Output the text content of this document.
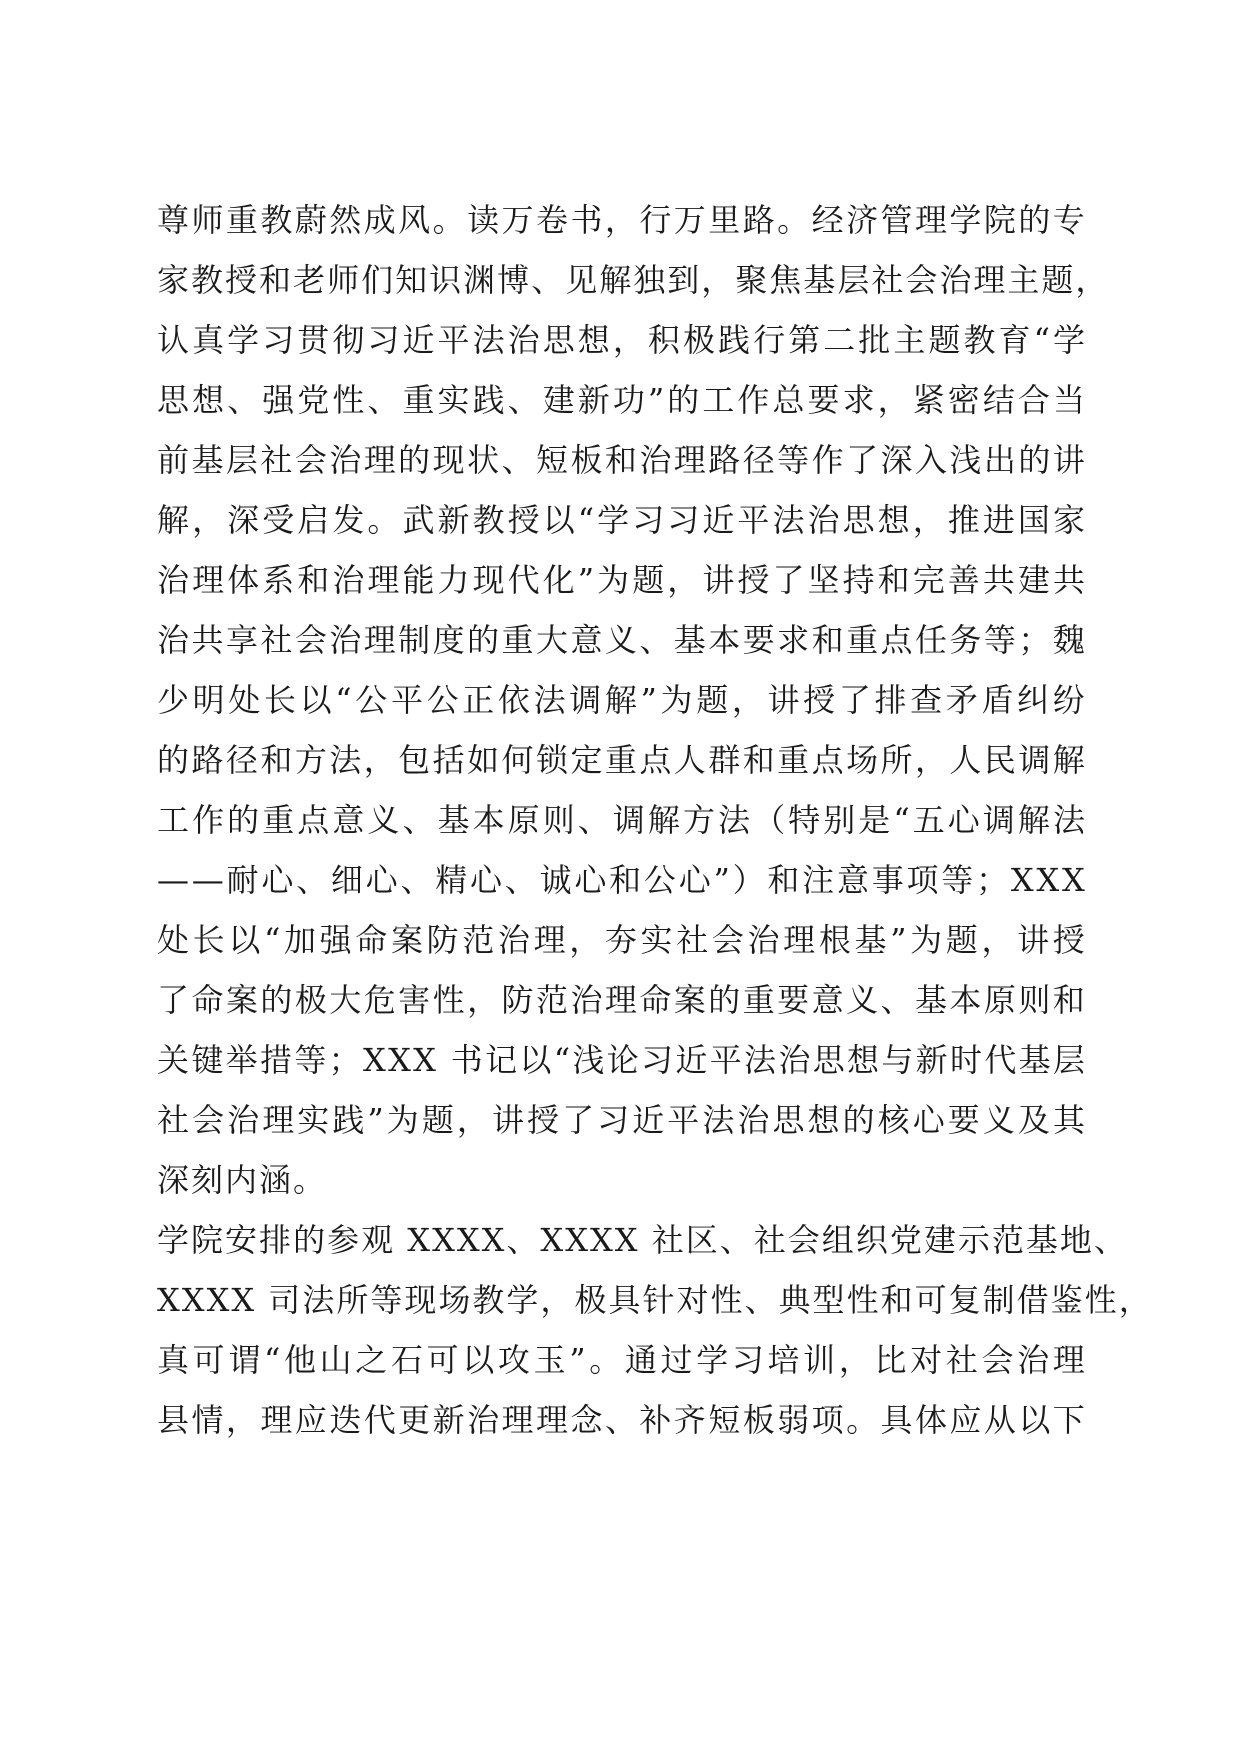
尊 师 重 教 蔚 然 成 风 。 读 万 卷 书 ， 行 万 里 路 。 经 济 管 理 学 院 的 专
家 教 授 和 老 师 们 知 识 渊 博 、 见 解 独 到 ， 聚 焦 基 层 社 会 治 理 主 题 ，
认 真 学 习 贯 彻 习 近 平 法 治 思 想 ， 积 极 践 行 第 二 批 主 题 教 育 “ 学
思 想 、 强 党 性 、 重 实 践 、 建 新 功 ” 的 工 作 总 要 求 ， 紧 密 结 合 当
前 基 层 社 会 治 理 的 现 状 、 短 板 和 治 理 路 径 等 作 了 深 入 浅 出 的 讲
解 ， 深 受 启 发 。 武 新 教 授 以 “ 学 习 习 近 平 法 治 思 想 ， 推 进 国 家
治 理 体 系 和 治 理 能 力 现 代 化 ” 为 题 ， 讲 授 了 坚 持 和 完 善 共 建 共
治 共 享 社 会 治 理 制 度 的 重 大 意 义 、 基 本 要 求 和 重 点 任 务 等 ； 魏
少 明 处 长 以 “ 公 平 公 正 依 法 调 解 ” 为 题 ， 讲 授 了 排 查 矛 盾 纠 纷
的 路 径 和 方 法 ， 包 括 如 何 锁 定 重 点 人 群 和 重 点 场 所 ， 人 民 调 解
工 作 的 重 点 意 义 、 基 本 原 则 、 调 解 方 法 （ 特 别 是 “ 五 心 调 解 法
— — 耐 心 、 细 心 、 精 心 、 诚 心 和 公 心 ” ） 和 注 意 事 项 等 ； X X X
处 长 以 “ 加 强 命 案 防 范 治 理 ， 夯 实 社 会 治 理 根 基 ” 为 题 ， 讲 授
了 命 案 的 极 大 危 害 性 ， 防 范 治 理 命 案 的 重 要 意 义 、 基 本 原 则 和
关 键 举 措 等 ； X X X
书 记 以 “ 浅 论 习 近 平 法 治 思 想 与 新 时 代 基 层
社 会 治 理 实 践 ” 为 题 ， 讲 授 了 习 近 平 法 治 思 想 的 核 心 要 义 及 其
深刻内涵。
学 院 安 排 的 参 观
X X X X 、 X X X X
社 区 、 社 会 组 织 党 建 示 范 基 地 、
X X X X
司 法 所 等 现 场 教 学 ， 极 具 针 对 性 、 典 型 性 和 可 复 制 借 鉴 性 ，
真 可 谓 “ 他 山 之 石 可 以 攻 玉 ” 。 通 过 学 习 培 训 ， 比 对 社 会 治 理
县 情 ， 理 应 迭 代 更 新 治 理 理 念 、 补 齐 短 板 弱 项 。 具 体 应 从 以 下
